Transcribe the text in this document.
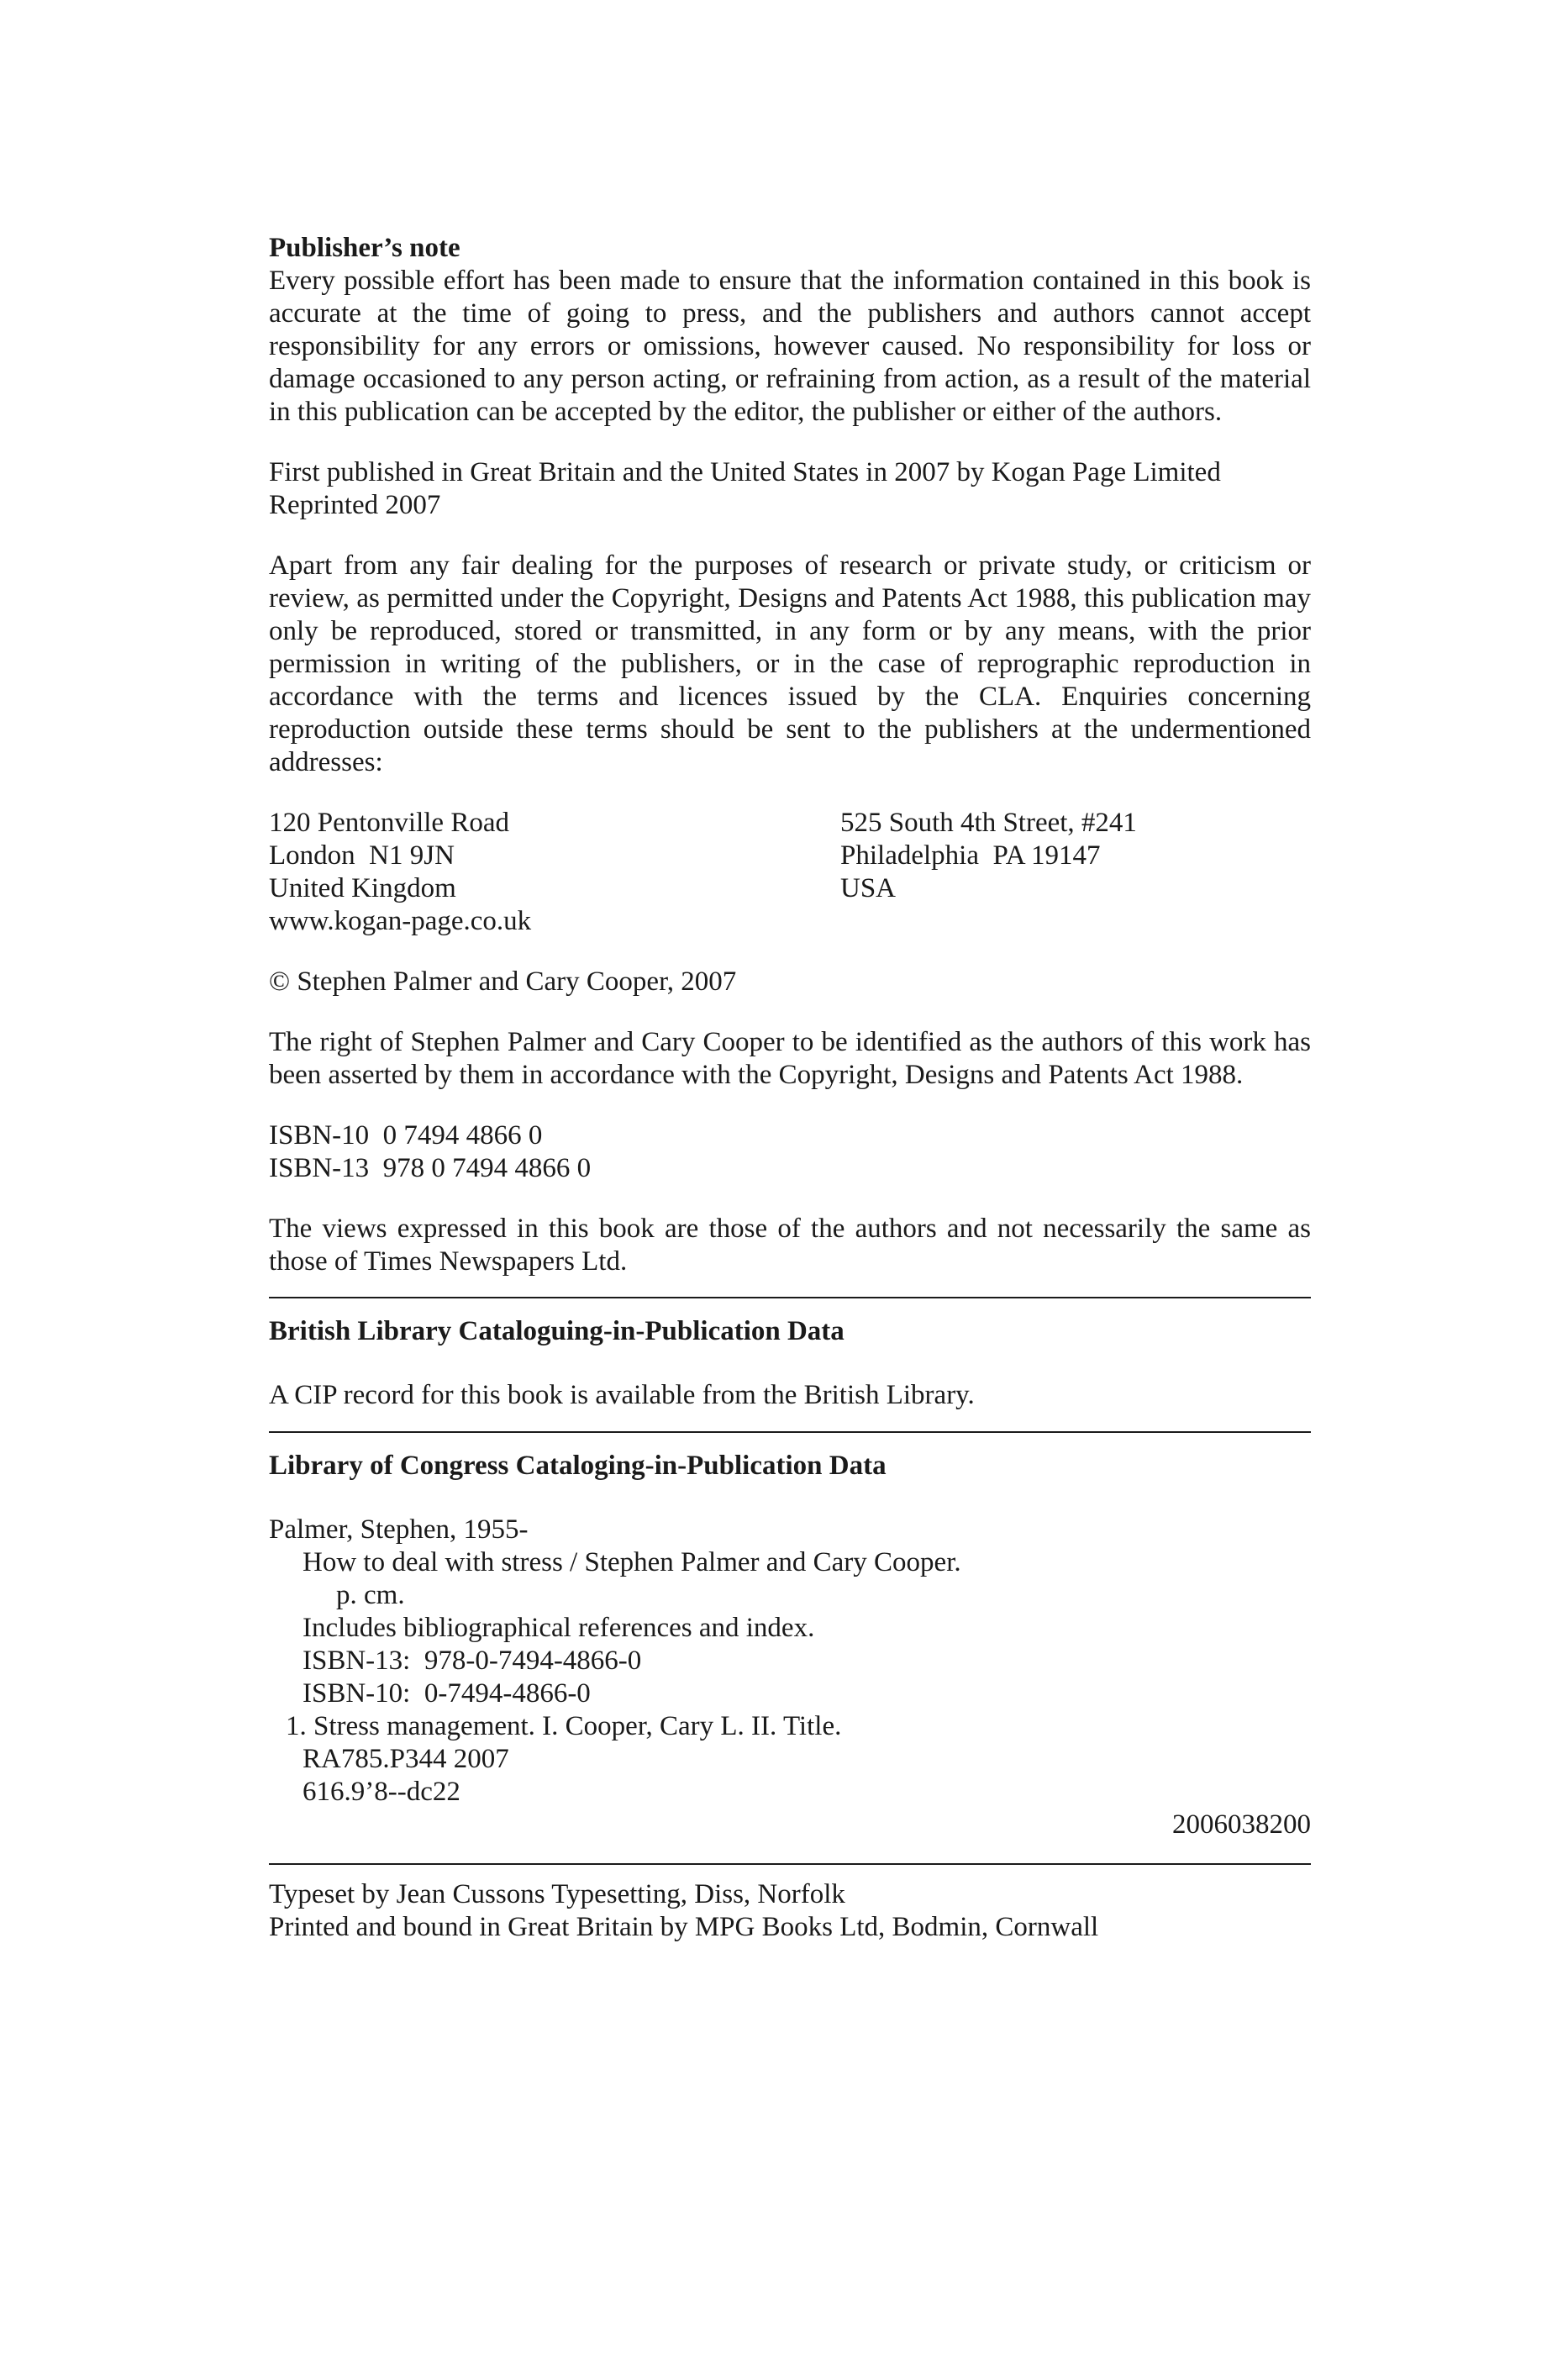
Publisher’s note

Every possible effort has been made to ensure that the information contained in this book is accurate at the time of going to press, and the publishers and authors cannot accept responsibility for any errors or omissions, however caused. No responsibility for loss or damage occasioned to any person acting, or refraining from action, as a result of the material in this publication can be accepted by the editor, the publisher or either of the authors.

First published in Great Britain and the United States in 2007 by Kogan Page Limited

Reprinted 2007

Apart from any fair dealing for the purposes of research or private study, or criticism or review, as permitted under the Copyright, Designs and Patents Act 1988, this publication may only be reproduced, stored or transmitted, in any form or by any means, with the prior permission in writing of the publishers, or in the case of reprographic reproduction in accordance with the terms and licences issued by the CLA. Enquiries concerning reproduction outside these terms should be sent to the publishers at the undermentioned addresses:

120 Pentonville Road
London  N1 9JN
United Kingdom
www.kogan-page.co.uk
525 South 4th Street, #241
Philadelphia  PA 19147
USA
© Stephen Palmer and Cary Cooper, 2007

The right of Stephen Palmer and Cary Cooper to be identified as the authors of this work has been asserted by them in accordance with the Copyright, Designs and Patents Act 1988.

ISBN-10  0 7494 4866 0
ISBN-13  978 0 7494 4866 0

The views expressed in this book are those of the authors and not necessarily the same as those of Times Newspapers Ltd.

British Library Cataloguing-in-Publication Data
A CIP record for this book is available from the British Library.
Library of Congress Cataloging-in-Publication Data
Palmer, Stephen, 1955-
How to deal with stress / Stephen Palmer and Cary Cooper.
p. cm.
Includes bibliographical references and index.
ISBN-13:  978-0-7494-4866-0
ISBN-10:  0-7494-4866-0
1. Stress management. I. Cooper, Cary L. II. Title.
RA785.P344 2007
616.9’8--dc22
2006038200
Typeset by Jean Cussons Typesetting, Diss, Norfolk
Printed and bound in Great Britain by MPG Books Ltd, Bodmin, Cornwall
